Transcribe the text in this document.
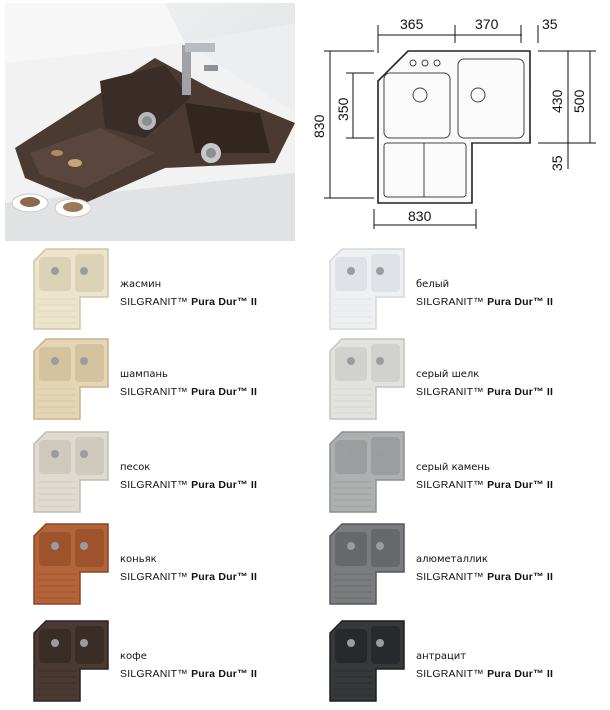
365	370	35
830
350	430 500
35
830
жасмин
SILGRANIT™ Pura Dur™ II
белый
SILGRANIT™ Pura Dur™ II
шампань
SILGRANIT™ Pura Dur™ II
серый шелк
SILGRANIT™ Pura Dur™ II
песок
SILGRANIT™ Pura Dur™ II
серый камень
SILGRANIT™ Pura Dur™ II
коньяк
SILGRANIT™ Pura Dur™ II
алюметаллик
SILGRANIT™ Pura Dur™ II
кофе
SILGRANIT™ Pura Dur™ II
антрацит
SILGRANIT™ Pura Dur™ II
